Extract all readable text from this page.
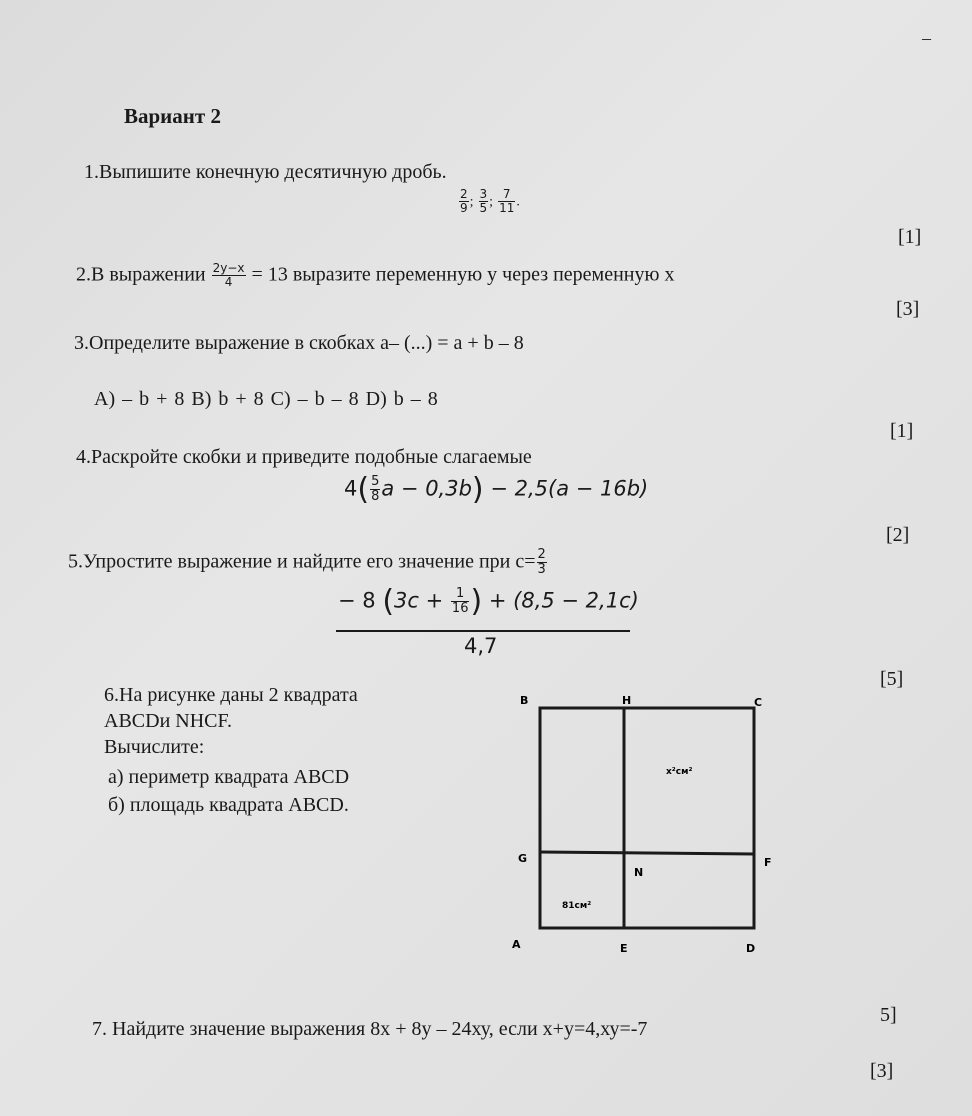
–
Вариант 2
1.Выпишите конечную десятичную дробь.
$\frac{2}{9}$ ; $\frac{3}{5}$ ; $\frac{7}{11}$ .
[1]
2.В выражении $\frac{2y-x}{4} = 13$ выразите переменную у через переменную х
[3]
3.Определите выражение в скобках а– (...) = а + b – 8
A) – b + 8 B) b + 8 C) – b – 8 D) b – 8
[1]
4.Раскройте скобки и приведите подобные слагаемые
$4( \frac{5}{8}$ a − 0,3b) − 2,5(a − 16b)
[2]
5.Упростите выражение и найдите его значение при $с= \frac{2}{3}$
− 8 ($3c + \frac{1}{16}$ ) + (8,5 − 2,1c)
4,7
[5]
6.На рисунке даны 2 квадрата
ABCDи NHCF.
Вычислите:
а) периметр квадрата ABCD
б) площадь квадрата ABCD.
B	H	C
G	F
N
A	E	D
x²см²
81см²
5]
7. Найдите значение выражения 8х + 8у – 24ху, если х+у=4,ху=-7
[3]
